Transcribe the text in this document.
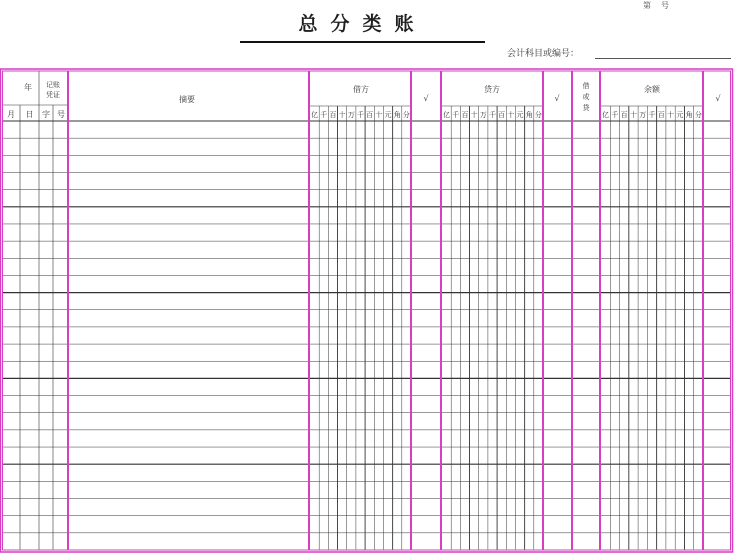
第　号
总分类账
会计科目或编号：
年 记账
凭证
月 日 字 号
摘要
借方
√
贷方
√
借
或
贷
余额
√
亿 千 百 十 万 千 百 十 元 角 分	亿 千 百 十 万 千 百 十 元 角 分	亿 千 百 十 万 千 百 十 元 角 分
